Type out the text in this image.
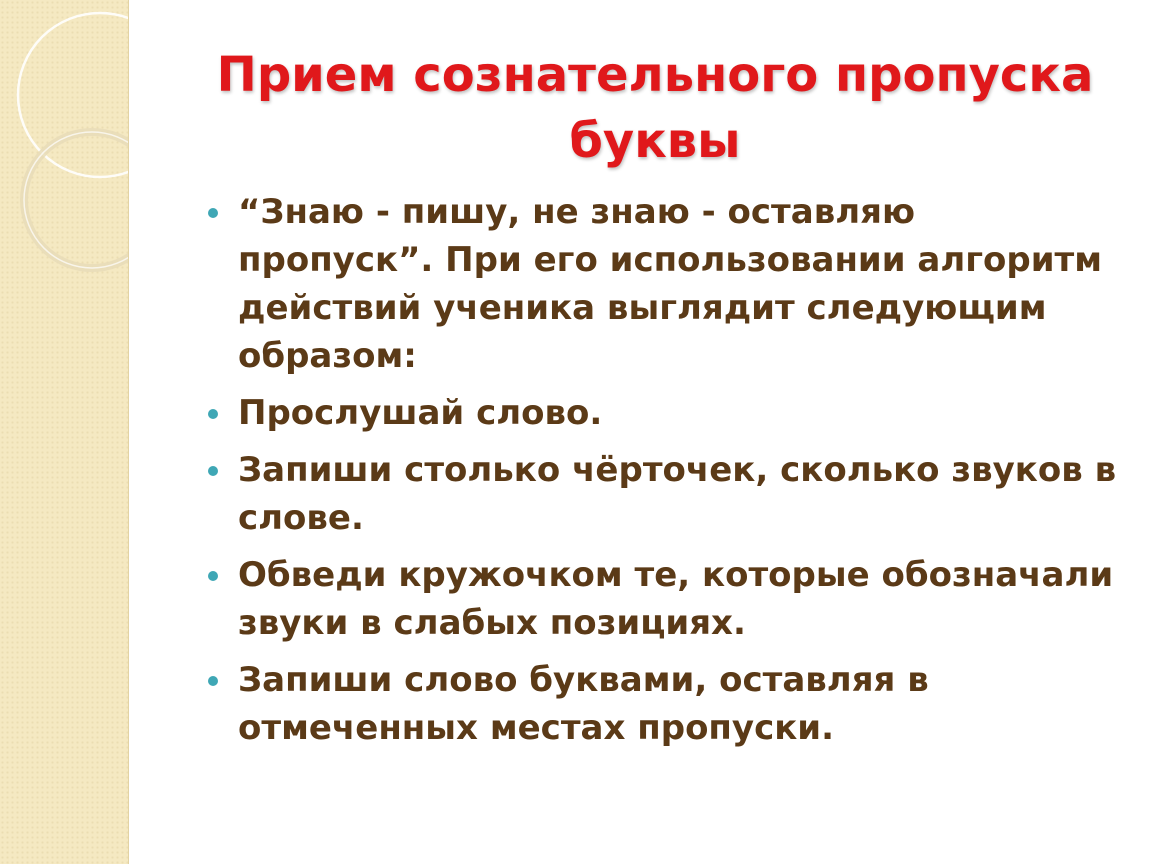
Прием сознательного пропуска буквы
“Знаю - пишу, не знаю - оставляю пропуск”. При его использовании алгоритм действий ученика выглядит следующим образом:
Прослушай слово.
Запиши столько чёрточек, сколько звуков в слове.
Обведи кружочком те, которые обозначали звуки в слабых позициях.
Запиши слово буквами, оставляя в отмеченных местах пропуски.
